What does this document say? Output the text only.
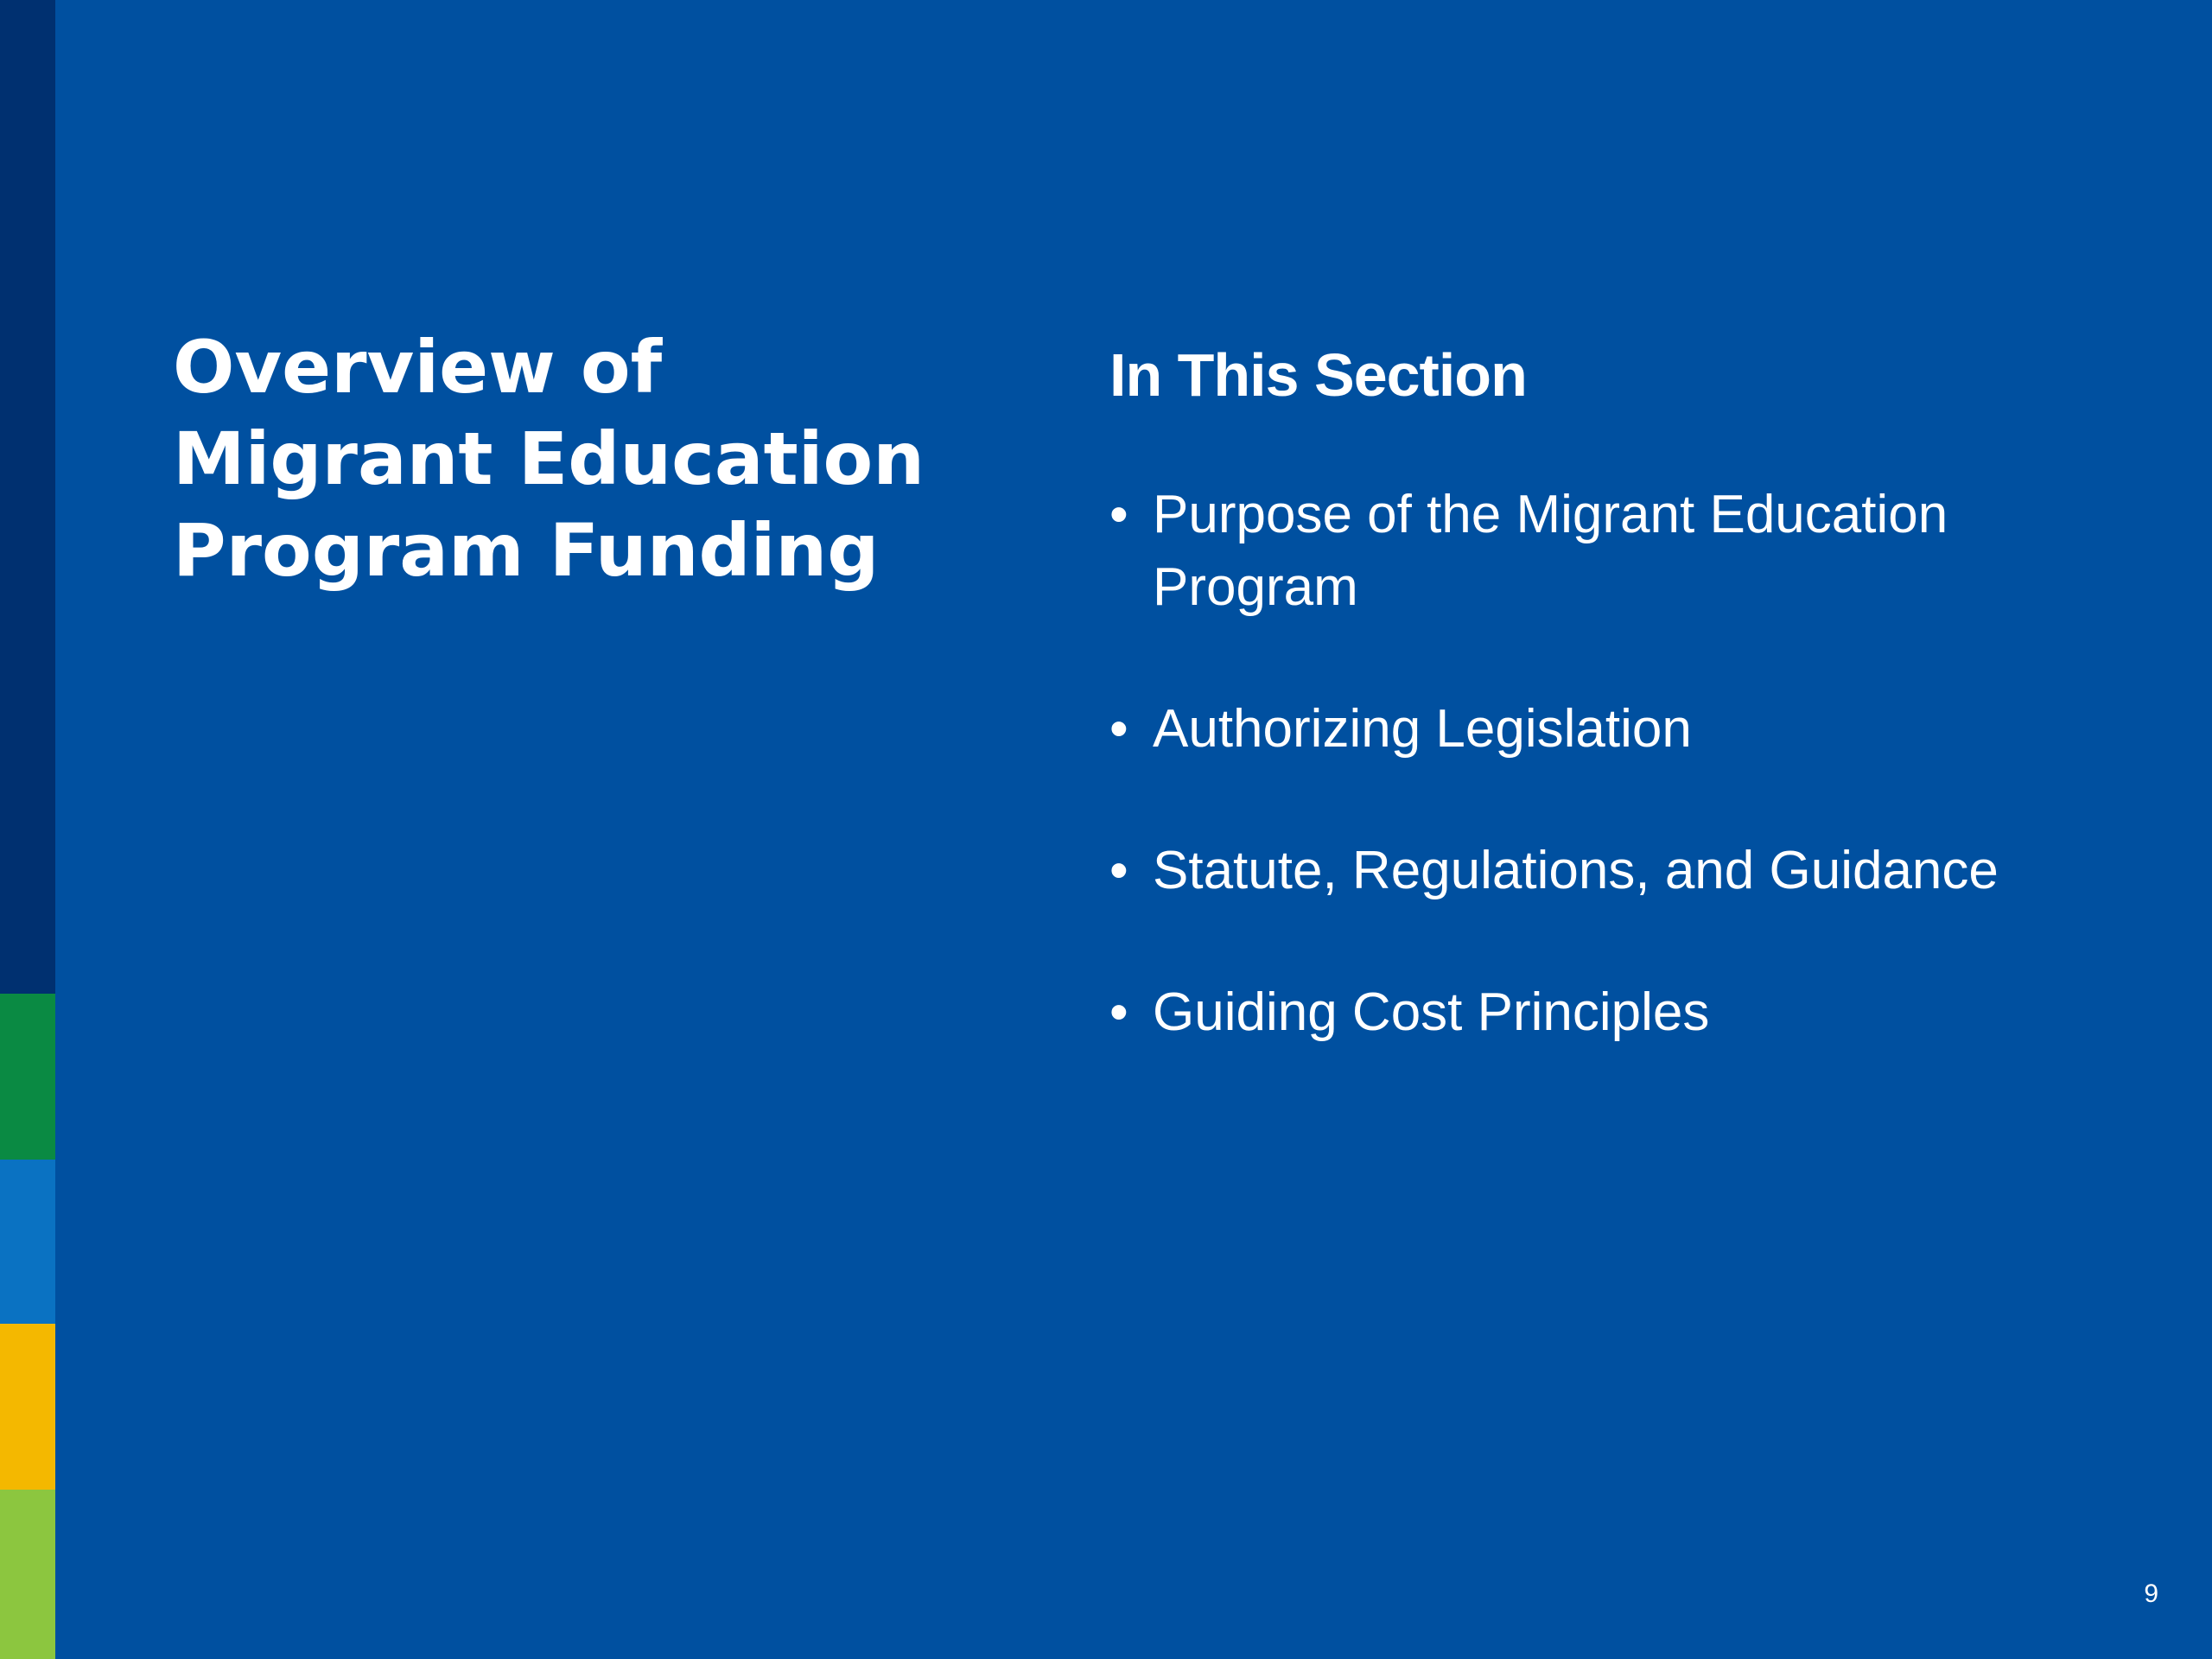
Overview of
Migrant Education
Program Funding
In This Section
• Purpose of the Migrant Education Program
• Authorizing Legislation
• Statute, Regulations, and Guidance
• Guiding Cost Principles
9
